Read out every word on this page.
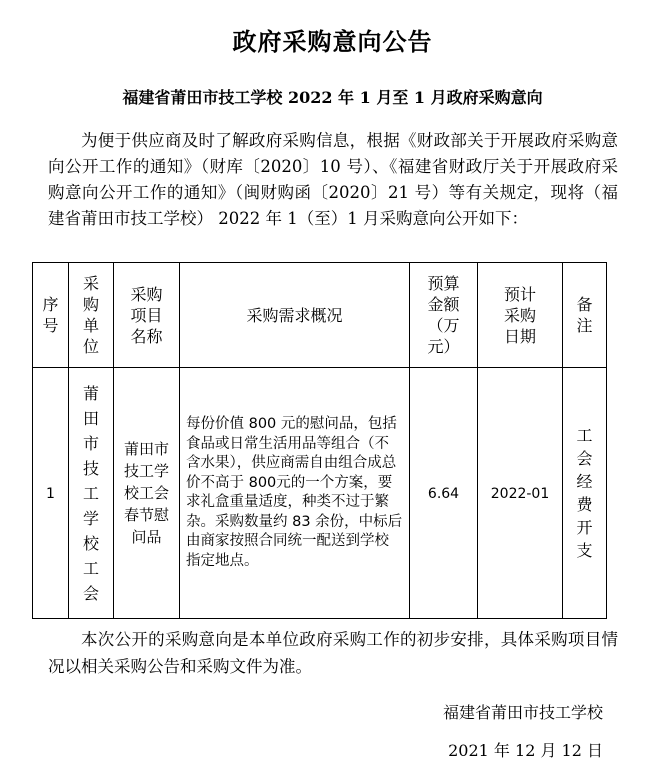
政府采购意向公告
福建省莆田市技工学校 2022 年 1 月至 1 月政府采购意向
为便于供应商及时了解政府采购信息，根据《财政部关于开展政府采购意向公开工作的通知》（财库〔2020〕10 号）、《福建省财政厅关于开展政府采购意向公开工作的通知》（闽财购函〔2020〕21 号）等有关规定，现将（福建省莆田市技工学校） 2022 年 1（至）1 月采购意向公开如下：
序号	采购单位	采购项目名称	采购需求概况	预算金额（万元）	预计采购日期	备注
1	莆田市技工学校工会	莆田市技工学校工会春节慰问品	每份价值 800 元的慰问品，包括食品或日常生活用品等组合（不含水果），供应商需自由组合成总价不高于 800元的一个方案，要求礼盒重量适度，种类不过于繁杂。采购数量约 83 余份，中标后由商家按照合同统一配送到学校指定地点。	6.64	2022-01	工会经费开支
本次公开的采购意向是本单位政府采购工作的初步安排，具体采购项目情况以相关采购公告和采购文件为准。
福建省莆田市技工学校
2021 年 12 月 12 日
